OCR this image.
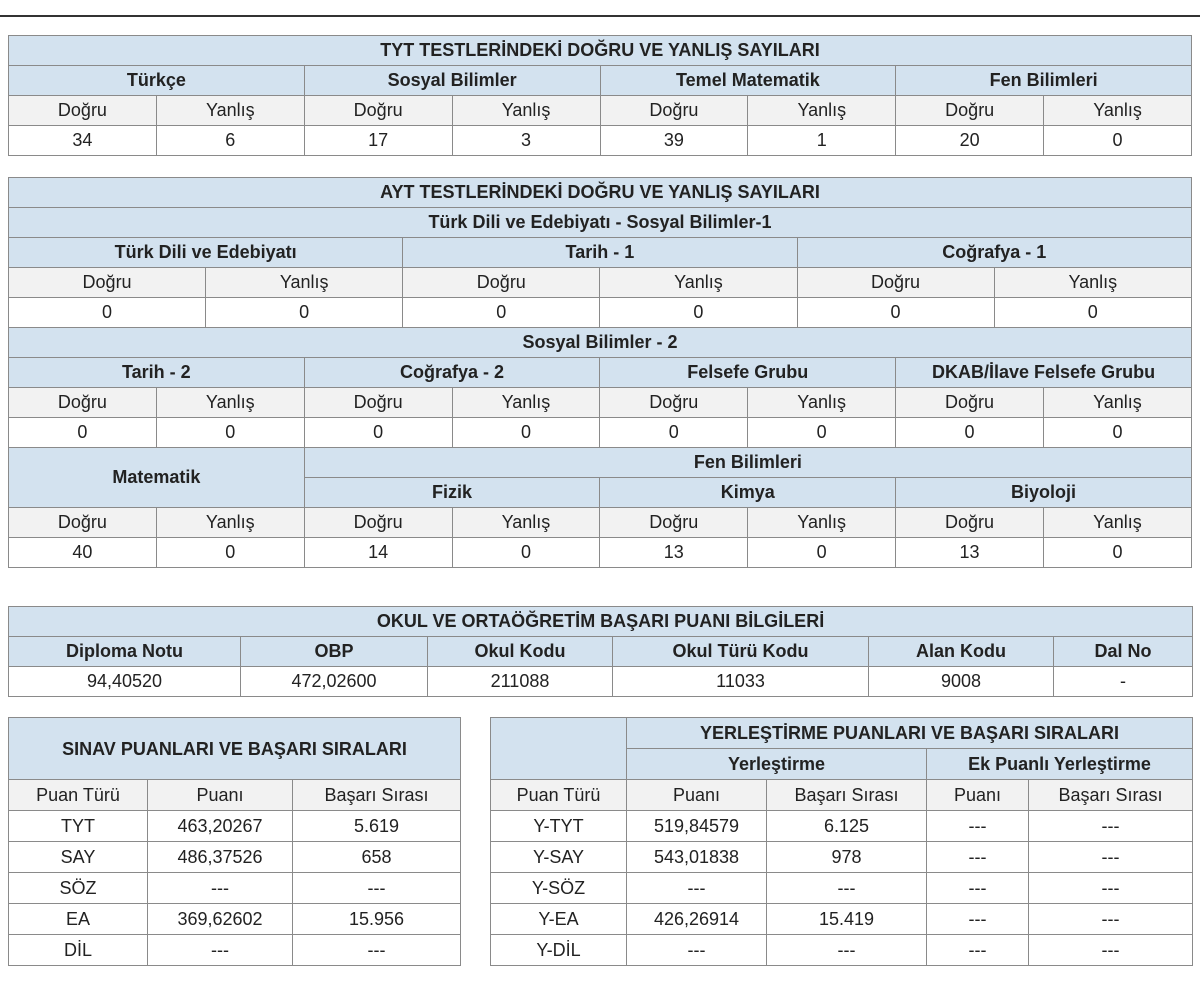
TYT TESTLERİNDEKİ DOĞRU VE YANLIŞ SAYILARI							
Türkçe		Sosyal Bilimler		Temel Matematik		Fen Bilimleri	
Doğru	Yanlış	Doğru	Yanlış	Doğru	Yanlış	Doğru	Yanlış
34	6	17	3	39	1	20	0
AYT TESTLERİNDEKİ DOĞRU VE YANLIŞ SAYILARI											
Türk Dili ve Edebiyatı - Sosyal Bilimler-1											
Türk Dili ve Edebiyatı				Tarih - 1				Coğrafya - 1			
Doğru		Yanlış		Doğru		Yanlış		Doğru		Yanlış	
0		0		0		0		0		0	
Sosyal Bilimler - 2											
Tarih - 2			Coğrafya - 2			Felsefe Grubu			DKAB/İlave Felsefe Grubu		
Doğru	Yanlış		Doğru		Yanlış	Doğru	Yanlış		Doğru		Yanlış
0	0		0		0	0	0		0		0
Matematik			Fen Bilimleri								
			Fizik			Kimya			Biyoloji		
Doğru	Yanlış		Doğru		Yanlış	Doğru	Yanlış		Doğru		Yanlış
40	0		14		0	13	0		13		0
OKUL VE ORTAÖĞRETİM BAŞARI PUANI BİLGİLERİ					
Diploma Notu	OBP	Okul Kodu	Okul Türü Kodu	Alan Kodu	Dal No
94,40520	472,02600	211088	11033	9008	-
SINAV PUANLARI VE BAŞARI SIRALARI					YERLEŞTİRME PUANLARI VE BAŞARI SIRALARI			
					Yerleştirme		Ek Puanlı Yerleştirme	
Puan Türü	Puanı	Başarı Sırası		Puan Türü	Puanı	Başarı Sırası	Puanı	Başarı Sırası
TYT	463,20267	5.619		Y-TYT	519,84579	6.125	---	---
SAY	486,37526	658		Y-SAY	543,01838	978	---	---
SÖZ	---	---		Y-SÖZ	---	---	---	---
EA	369,62602	15.956		Y-EA	426,26914	15.419	---	---
DİL	---	---		Y-DİL	---	---	---	---
